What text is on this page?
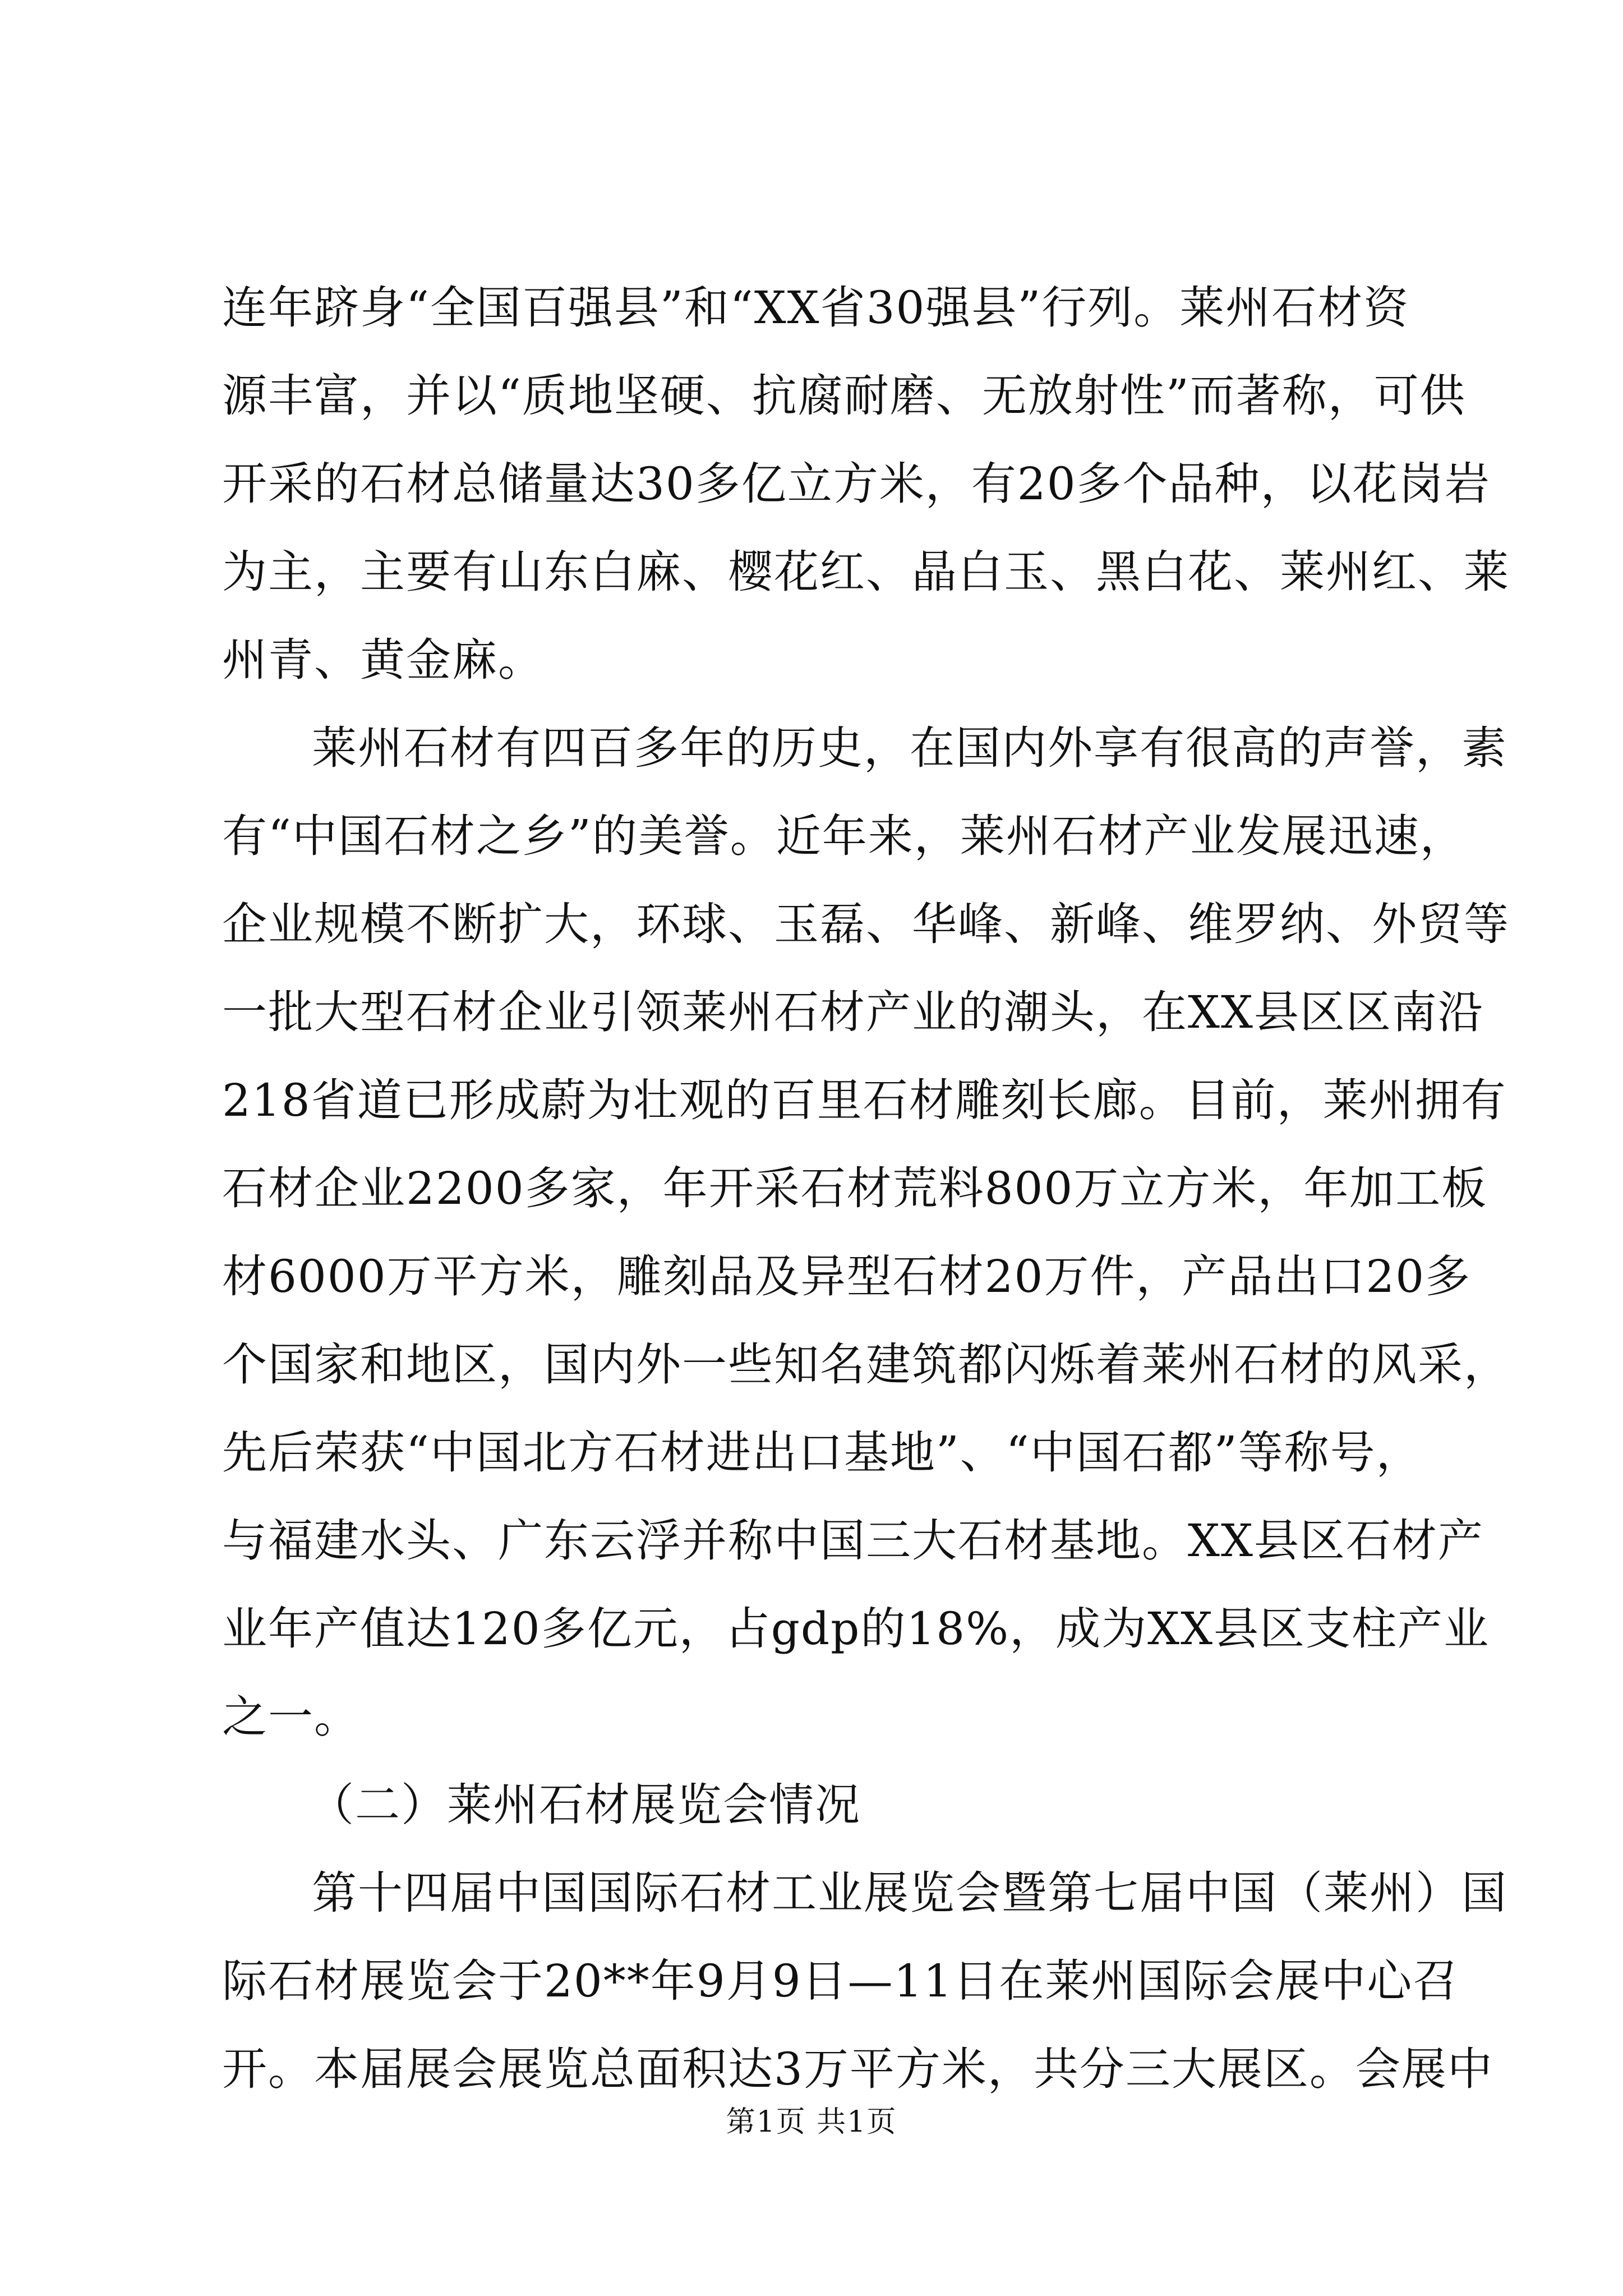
连年跻身“全国百强县”和“XX省30强县”行列。莱州石材资
源丰富，并以“质地坚硬、抗腐耐磨、无放射性”而著称，可供
开采的石材总储量达30多亿立方米，有20多个品种，以花岗岩
为主，主要有山东白麻、樱花红、晶白玉、黑白花、莱州红、莱
州青、黄金麻。
莱州石材有四百多年的历史，在国内外享有很高的声誉，素
有“中国石材之乡”的美誉。近年来，莱州石材产业发展迅速，
企业规模不断扩大，环球、玉磊、华峰、新峰、维罗纳、外贸等
一批大型石材企业引领莱州石材产业的潮头，在XX县区区南沿
218省道已形成蔚为壮观的百里石材雕刻长廊。目前，莱州拥有
石材企业2200多家，年开采石材荒料800万立方米，年加工板
材6000万平方米，雕刻品及异型石材20万件，产品出口20多
个国家和地区，国内外一些知名建筑都闪烁着莱州石材的风采，
先后荣获“中国北方石材进出口基地”、“中国石都”等称号，
与福建水头、广东云浮并称中国三大石材基地。XX县区石材产
业年产值达120多亿元，占gdp的18%，成为XX县区支柱产业
之一。
（二）莱州石材展览会情况
第十四届中国国际石材工业展览会暨第七届中国（莱州）国
际石材展览会于20**年9月9日—11日在莱州国际会展中心召
开。本届展会展览总面积达3万平方米，共分三大展区。会展中
第1页 共1页
